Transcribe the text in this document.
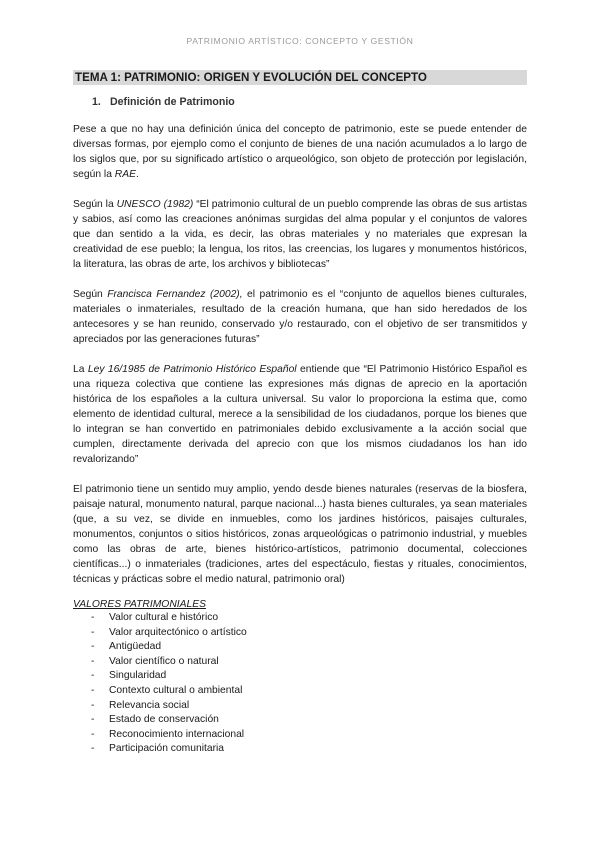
PATRIMONIO ARTÍSTICO: CONCEPTO Y GESTIÓN
TEMA 1: PATRIMONIO: ORIGEN Y EVOLUCIÓN DEL CONCEPTO
1. Definición de Patrimonio

Pese a que no hay una definición única del concepto de patrimonio, este se puede entender de diversas formas, por ejemplo como el conjunto de bienes de una nación acumulados a lo largo de los siglos que, por su significado artístico o arqueológico, son objeto de protección por legislación, según la RAE.

Según la UNESCO (1982) “El patrimonio cultural de un pueblo comprende las obras de sus artistas y sabios, así como las creaciones anónimas surgidas del alma popular y el conjuntos de valores que dan sentido a la vida, es decir, las obras materiales y no materiales que expresan la creatividad de ese pueblo; la lengua, los ritos, las creencias, los lugares y monumentos históricos, la literatura, las obras de arte, los archivos y bibliotecas”

Según Francisca Fernandez (2002), el patrimonio es el “conjunto de aquellos bienes culturales, materiales o inmateriales, resultado de la creación humana, que han sido heredados de los antecesores y se han reunido, conservado y/o restaurado, con el objetivo de ser transmitidos y apreciados por las generaciones futuras”

La Ley 16/1985 de Patrimonio Histórico Español entiende que “El Patrimonio Histórico Español es una riqueza colectiva que contiene las expresiones más dignas de aprecio en la aportación histórica de los españoles a la cultura universal. Su valor lo proporciona la estima que, como elemento de identidad cultural, merece a la sensibilidad de los ciudadanos, porque los bienes que lo integran se han convertido en patrimoniales debido exclusivamente a la acción social que cumplen, directamente derivada del aprecio con que los mismos ciudadanos los han ido revalorizando”

El patrimonio tiene un sentido muy amplio, yendo desde bienes naturales (reservas de la biosfera, paisaje natural, monumento natural, parque nacional...) hasta bienes culturales, ya sean materiales (que, a su vez, se divide en inmuebles, como los jardines históricos, paisajes culturales, monumentos, conjuntos o sitios históricos, zonas arqueológicas o patrimonio industrial, y muebles como las obras de arte, bienes histórico-artísticos, patrimonio documental, colecciones científicas...) o inmateriales (tradiciones, artes del espectáculo, fiestas y rituales, conocimientos, técnicas y prácticas sobre el medio natural, patrimonio oral)

VALORES PATRIMONIALES
- Valor cultural e histórico
- Valor arquitectónico o artístico
- Antigüedad
- Valor científico o natural
- Singularidad
- Contexto cultural o ambiental
- Relevancia social
- Estado de conservación
- Reconocimiento internacional
- Participación comunitaria
